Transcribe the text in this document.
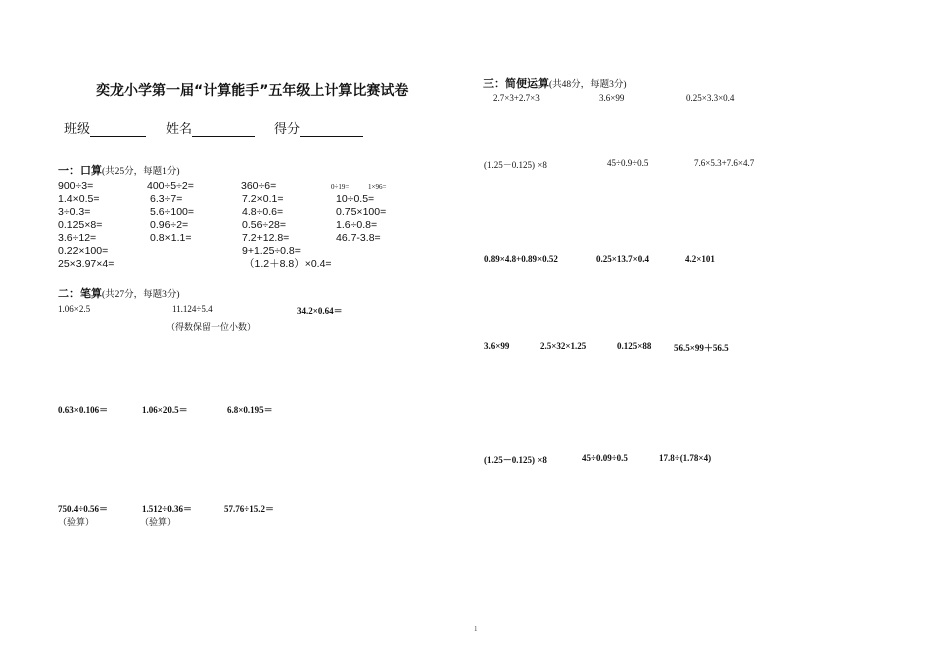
奕龙小学第一届“计算能手”五年级上计算比赛试卷
班级	姓名	得分
一：口算(共25分，每题1分)
900÷3=	400÷5÷2=	360÷6=	0÷19=	1×96=
1.4×0.5=	6.3÷7=	7.2×0.1=	10÷0.5=
3÷0.3=	5.6÷100=	4.8÷0.6=	0.75×100=
0.125×8=	0.96÷2=	0.56÷28=	1.6÷0.8=
3.6÷12=	0.8×1.1=	7.2+12.8=	46.7-3.8=
0.22×100=	9+1.25÷0.8=
25×3.97×4=	（1.2＋8.8）×0.4=
二：笔算(共27分，每题3分)
1.06×2.5	11.124÷5.4	34.2×0.64＝
（得数保留一位小数）
0.63×0.106＝	1.06×20.5＝	6.8×0.195＝
750.4÷0.56＝	1.512÷0.36＝	57.76÷15.2＝
（验算）	（验算）
三：简便运算(共48分，每题3分)
2.7×3+2.7×3	3.6×99	0.25×3.3×0.4
(1.25－0.125) ×8	45÷0.9÷0.5	7.6×5.3+7.6×4.7
0.89×4.8+0.89×0.52	0.25×13.7×0.4	4.2×101
3.6×99	2.5×32×1.25	0.125×88	56.5×99＋56.5
(1.25－0.125) ×8	45÷0.09÷0.5	17.8÷(1.78×4)
1
